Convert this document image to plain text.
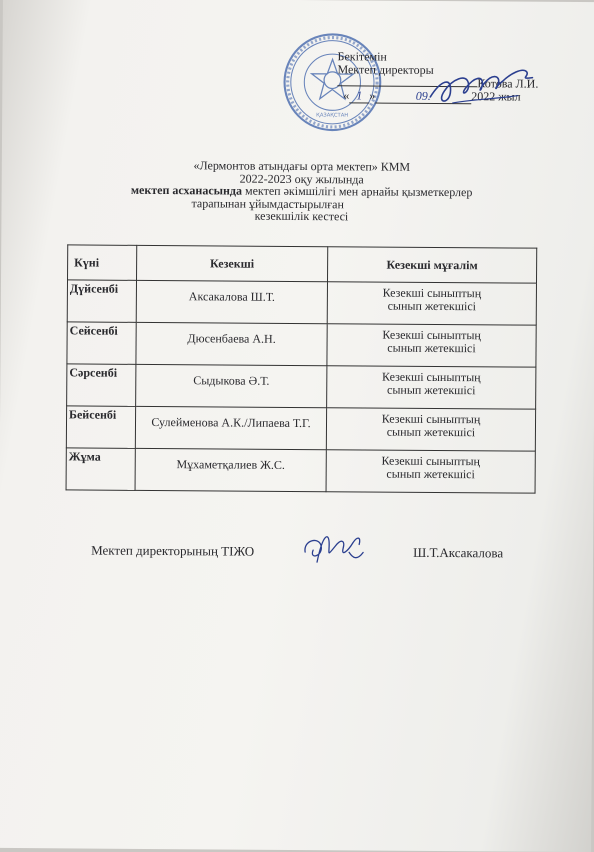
ҚАЗАҚСТАН
Бекітемін
Мектеп директоры
Котова Л.И.
« 1 »	09.	2022 жыл
«Лермонтов атындағы орта мектеп» КММ
2022-2023 оқу жылында
мектеп асханасында мектеп әкімшілігі мен арнайы қызметкерлер
тарапынан ұйымдастырылған
кезекшілік кестесі
Күні	Кезекші	Кезекші мұғалім
Дүйсенбі	Аксакалова Ш.Т.	Кезекші сыныптың
сынып жетекшісі

Сейсенбі	Дюсенбаева А.Н.	Кезекші сыныптың
сынып жетекшісі

Сәрсенбі	Сыдыкова Ә.Т.	Кезекші сыныптың
сынып жетекшісі

Бейсенбі	Сулейменова А.К./Липаева Т.Г.	Кезекші сыныптың
сынып жетекшісі

Жұма	Мұхаметқалиев Ж.С.	Кезекші сыныптың
сынып жетекшісі
Мектеп директорының ТІЖО	Ш.Т.Аксакалова
